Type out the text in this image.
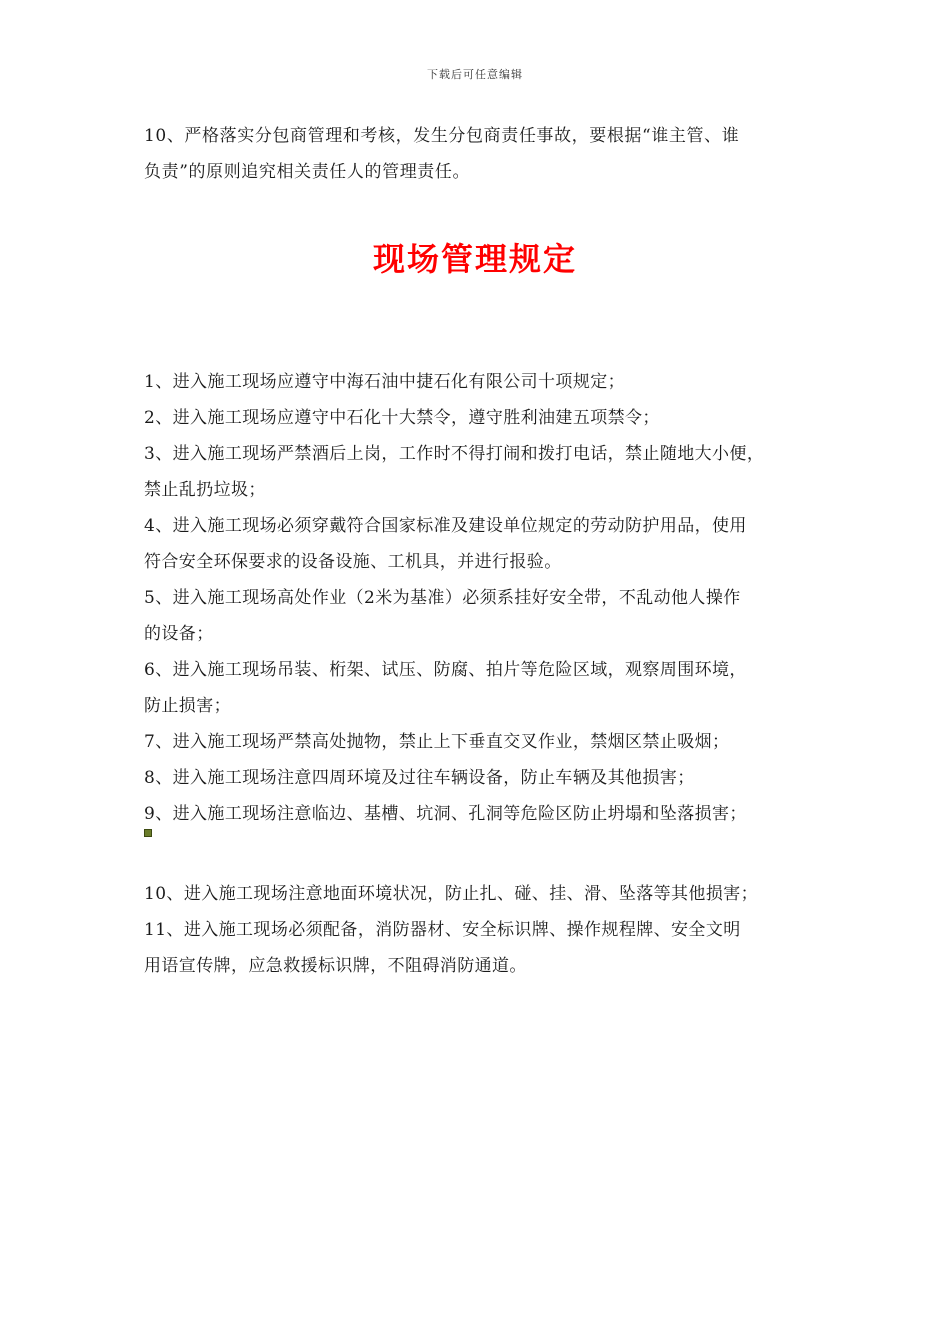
下载后可任意编辑
10、严格落实分包商管理和考核，发生分包商责任事故，要根据“谁主管、谁
负责”的原则追究相关责任人的管理责任。
现场管理规定
1、进入施工现场应遵守中海石油中捷石化有限公司十项规定；
2、进入施工现场应遵守中石化十大禁令，遵守胜利油建五项禁令；
3、进入施工现场严禁酒后上岗，工作时不得打闹和拨打电话，禁止随地大小便，
禁止乱扔垃圾；
4、进入施工现场必须穿戴符合国家标准及建设单位规定的劳动防护用品，使用
符合安全环保要求的设备设施、工机具，并进行报验。
5、进入施工现场高处作业（2米为基准）必须系挂好安全带，不乱动他人操作
的设备；
6、进入施工现场吊装、桁架、试压、防腐、拍片等危险区域，观察周围环境，
防止损害；
7、进入施工现场严禁高处抛物，禁止上下垂直交叉作业，禁烟区禁止吸烟；
8、进入施工现场注意四周环境及过往车辆设备，防止车辆及其他损害；
9、进入施工现场注意临边、基槽、坑洞、孔洞等危险区防止坍塌和坠落损害；
10、进入施工现场注意地面环境状况，防止扎、碰、挂、滑、坠落等其他损害；
11、进入施工现场必须配备，消防器材、安全标识牌、操作规程牌、安全文明
用语宣传牌，应急救援标识牌，不阻碍消防通道。
